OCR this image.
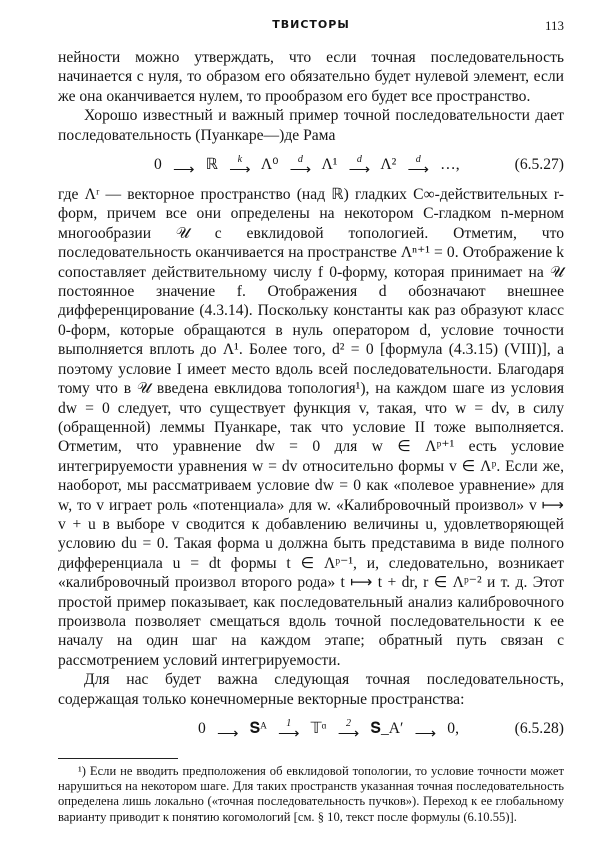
ТВИСТОРЫ	113

нейности можно утверждать, что если точная последовательность начинается с нуля, то образом его обязательно будет нулевой элемент, если же она оканчивается нулем, то прообразом его будет все пространство.

Хорошо известный и важный пример точной последовательности дает последовательность (Пуанкаре—)де Рама

0 ⟶ ℝ	k
⟶ Λ⁰	d
⟶ Λ¹	d
⟶ Λ²	d
⟶ …,	(6.5.27)

где Λʳ — векторное пространство (над ℝ) гладких C∞-действительных r-форм, причем все они определены на некотором C-гладком n-мерном многообразии 𝒰 с евклидовой топологией. Отметим, что последовательность оканчивается на пространстве Λⁿ⁺¹ = 0. Отображение k сопоставляет действительному числу f 0-форму, которая принимает на 𝒰 постоянное значение f. Отображения d обозначают внешнее дифференцирование (4.3.14). Поскольку константы как раз образуют класс 0-форм, которые обращаются в нуль оператором d, условие точности выполняется вплоть до Λ¹. Более того, d² = 0 [формула (4.3.15) (VIII)], а поэтому условие I имеет место вдоль всей последовательности. Благодаря тому что в 𝒰 введена евклидова топология¹), на каждом шаге из условия dw = 0 следует, что существует функция v, такая, что w = dv, в силу (обращенной) леммы Пуанкаре, так что условие II тоже выполняется. Отметим, что уравнение dw = 0 для w ∈ Λᵖ⁺¹ есть условие интегрируемости уравнения w = dv относительно формы v ∈ Λᵖ. Если же, наоборот, мы рассматриваем условие dw = 0 как «полевое уравнение» для w, то v играет роль «потенциала» для w. «Калибровочный произвол» v ⟼ v + u в выборе v сводится к добавлению величины u, удовлетворяющей условию du = 0. Такая форма u должна быть представима в виде полного дифференциала u = dt формы t ∈ Λᵖ⁻¹, и, следовательно, возникает «калибровочный произвол второго рода» t ⟼ t + dr, r ∈ Λᵖ⁻² и т. д. Этот простой пример показывает, как последовательный анализ калибровочного произвола позволяет смещаться вдоль точной последовательности к ее началу на один шаг на каждом этапе; обратный путь связан с рассмотрением условий интегрируемости.

Для нас будет важна следующая точная последовательность, содержащая только конечномерные векторные пространства:

0 ⟶ 𝐒ᴬ	1
⟶ 𝕋ᵅ	2
⟶ 𝐒_A′ ⟶ 0,	(6.5.28)
¹) Если не вводить предположения об евклидовой топологии, то условие точности может нарушиться на некотором шаге. Для таких пространств указанная точная последовательность определена лишь локально («точная последовательность пучков»). Переход к ее глобальному варианту приводит к понятию когомологий [см. § 10, текст после формулы (6.10.55)].
